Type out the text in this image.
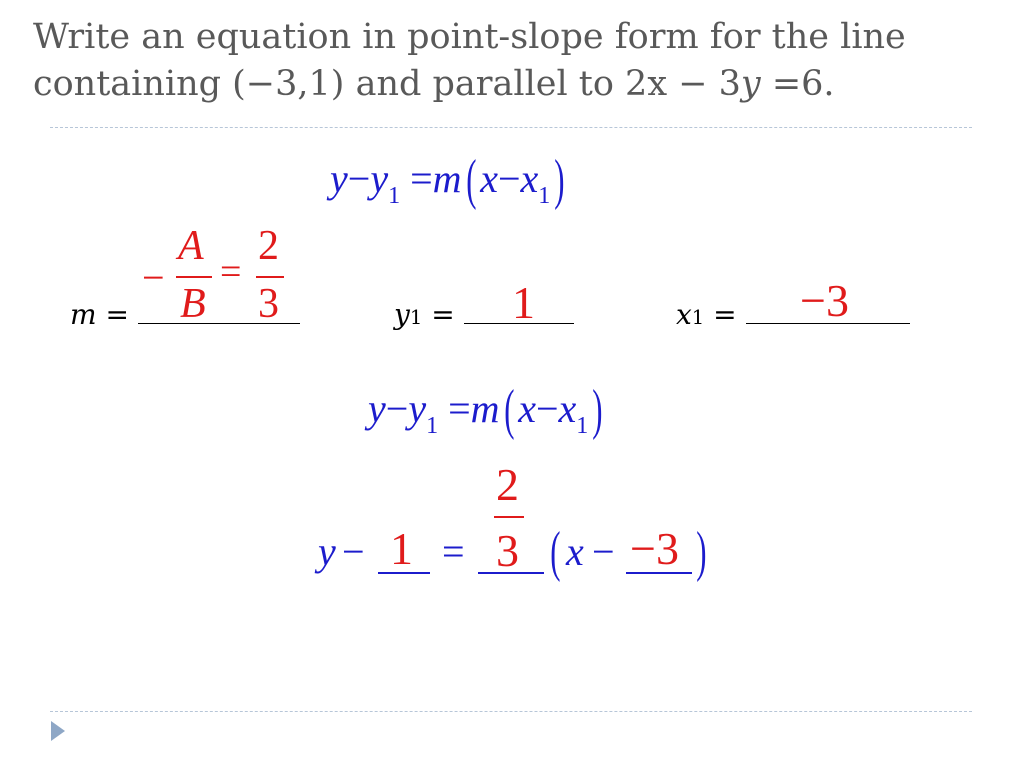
Write an equation in point-slope form for the line
containing (−3,1) and parallel to 2x − 3y =6.
$y-y_1 =m$( $x-x_1$)
−
A
B
=
2
3
m =	y1 =	1	x1 =	−3
$y-y_1 =m$( $x-x_1$)
y − 1 =
2
3 ( x − −3 )
